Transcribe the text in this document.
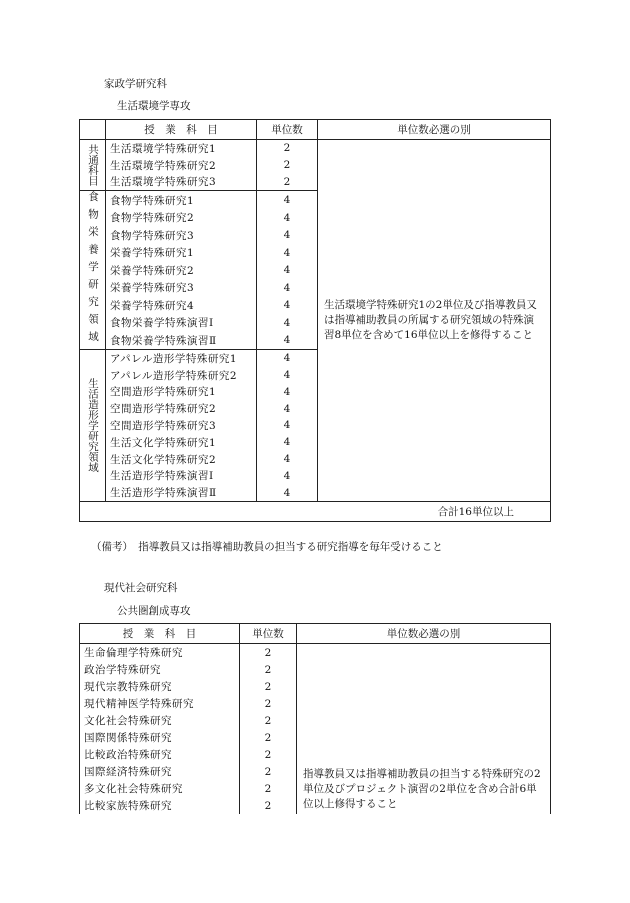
家政学研究科
生活環境学専攻
	授　業　科　目	単位数	単位数必選の別
共通科目	生活環境学特殊研究1	2	生活環境学特殊研究1の2単位及び指導教員又は指導補助教員の所属する研究領域の特殊演習8単位を含めて16単位以上を修得すること
	生活環境学特殊研究2	2	
	生活環境学特殊研究3	2	
食物栄養学研究領域	食物学特殊研究1	4	
	食物学特殊研究2	4	
	食物学特殊研究3	4	
	栄養学特殊研究1	4	
	栄養学特殊研究2	4	
	栄養学特殊研究3	4	
	栄養学特殊研究4	4	
	食物栄養学特殊演習Ⅰ	4	
	食物栄養学特殊演習Ⅱ	4	
生活造形学研究領域	アパレル造形学特殊研究1	4	
	アパレル造形学特殊研究2	4	
	空間造形学特殊研究1	4	
	空間造形学特殊研究2	4	
	空間造形学特殊研究3	4	
	生活文化学特殊研究1	4	
	生活文化学特殊研究2	4	
	生活造形学特殊演習Ⅰ	4	
	生活造形学特殊演習Ⅱ	4	
合計16単位以上			
（備考）　指導教員又は指導補助教員の担当する研究指導を毎年受けること
現代社会研究科
公共圏創成専攻
授　業　科　目	単位数	単位数必選の別
生命倫理学特殊研究	2	指導教員又は指導補助教員の担当する特殊研究の2単位及びプロジェクト演習の2単位を含め合計6単位以上修得すること
政治学特殊研究	2	
現代宗教特殊研究	2	
現代精神医学特殊研究	2	
文化社会特殊研究	2	
国際関係特殊研究	2	
比較政治特殊研究	2	
国際経済特殊研究	2	
多文化社会特殊研究	2	
比較家族特殊研究	2	
